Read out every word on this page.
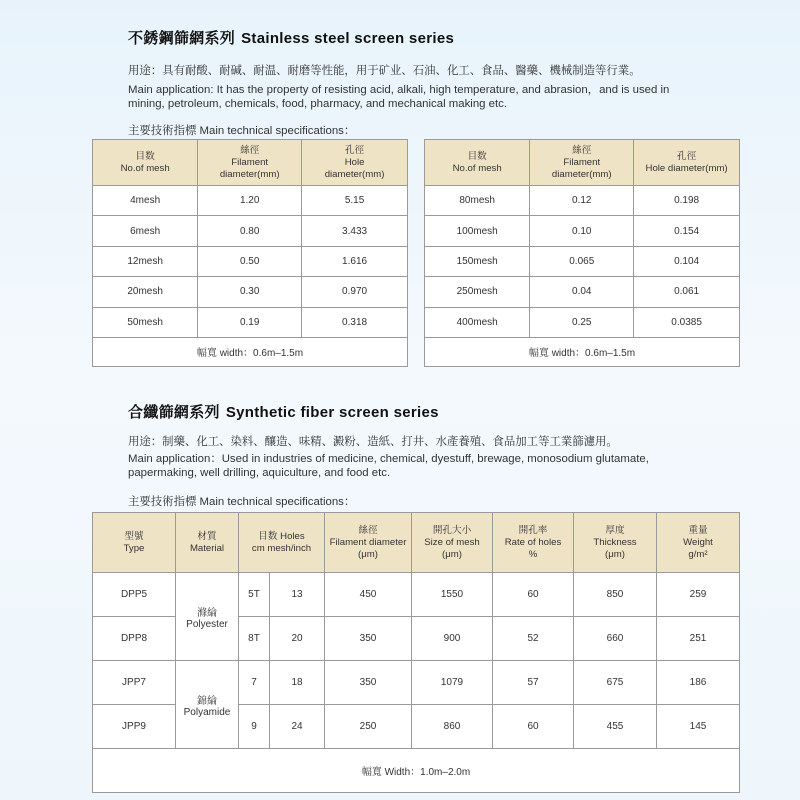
不銹鋼篩網系列 Stainless steel screen series
用途：具有耐酸、耐碱、耐温、耐磨等性能，用于矿业、石油、化工、食品、醫藥、機械制造等行業。
Main application: It has the property of resisting acid, alkali, high temperature, and abrasion，and is used in
mining, petroleum, chemicals, food, pharmacy, and mechanical making etc.
主要技術指標 Main technical specifications：
目数
No.of mesh	絲徑
Filament
diameter(mm)	孔徑
Hole
diameter(mm)

4mesh	1.20	5.15
6mesh	0.80	3.433
12mesh	0.50	1.616
20mesh	0.30	0.970
50mesh	0.19	0.318
幅寬 width：0.6m–1.5m		
目数
No.of mesh	絲徑
Filament
diameter(mm)	孔徑
Hole diameter(mm)

80mesh	0.12	0.198
100mesh	0.10	0.154
150mesh	0.065	0.104
250mesh	0.04	0.061
400mesh	0.25	0.0385
幅寬 width：0.6m–1.5m		
合纖篩網系列 Synthetic fiber screen series
用途：制藥、化工、染料、釀造、味精、澱粉、造紙、打井、水產養殖、食品加工等工業篩濾用。
Main application：Used in industries of medicine, chemical, dyestuff, brewage, monosodium glutamate,
papermaking, well drilling, aquiculture, and food etc.
主要技術指標 Main technical specifications：
型號
Type	材質
Material	目数 Holes
cm mesh/inch		絲徑
Filament diameter
(μm)	開孔大小
Size of mesh
(μm)	開孔率
Rate of holes
%	厚度
Thickness
(μm)	重量
Weight
g/m²

DPP5	滌綸
Polyester	5T	13	450	1550	60	850	259
DPP8		8T	20	350	900	52	660	251
JPP7	錦綸
Polyamide	7	18	350	1079	57	675	186
JPP9		9	24	250	860	60	455	145
幅寬 Width：1.0m–2.0m								
